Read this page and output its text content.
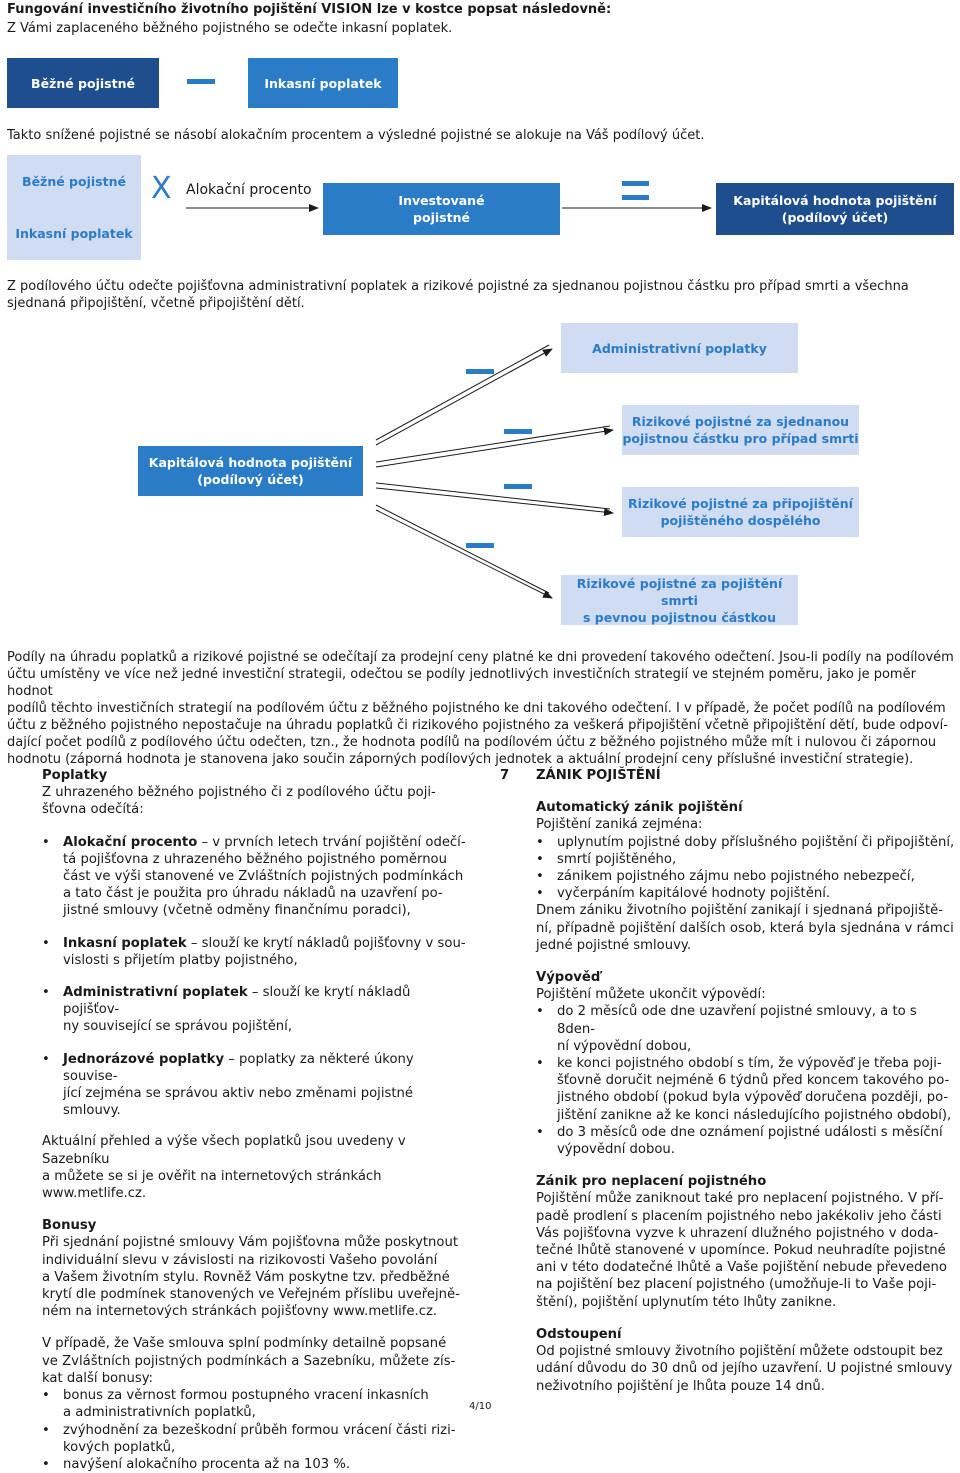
Fungování investičního životního pojištění VISION lze v kostce popsat následovně:
Z Vámi zaplaceného běžného pojistného se odečte inkasní poplatek.
Běžné pojistné	Inkasní poplatek
Takto snížené pojistné se násobí alokačním procentem a výsledné pojistné se alokuje na Váš podílový účet.
Běžné pojistné
Inkasní poplatek
X Alokační procento
Investované
pojistné
Kapitálová hodnota pojištění
(podílový účet)
Z podílového účtu odečte pojišťovna administrativní poplatek a rizikové pojistné za sjednanou pojistnou částku pro případ smrti a všechna sjednaná připojištění, včetně připojištění dětí.
Administrativní poplatky
Rizikové pojistné za sjednanou
pojistnou částku pro případ smrti
Rizikové pojistné za připojištění
pojištěného dospělého
Rizikové pojistné za pojištění smrti
s pevnou pojistnou částkou
Kapitálová hodnota pojištění
(podílový účet)
Podíly na úhradu poplatků a rizikové pojistné se odečítají za prodejní ceny platné ke dni provedení takového odečtení. Jsou-li podíly na podílovém
účtu umístěny ve více než jedné investiční strategii, odečtou se podíly jednotlivých investičních strategií ve stejném poměru, jako je poměr hodnot
podílů těchto investičních strategií na podílovém účtu z běžného pojistného ke dni takového odečtení. I v případě, že počet podílů na podílovém
účtu z běžného pojistného nepostačuje na úhradu poplatků či rizikového pojistného za veškerá připojištění včetně připojištění dětí, bude odpoví-
dající počet podílů z podílového účtu odečten, tzn., že hodnota podílů na podílovém účtu z běžného pojistného může mít i nulovou či zápornou
hodnotu (záporná hodnota je stanovena jako součin záporných podílových jednotek a aktuální prodejní ceny příslušné investiční strategie).
Poplatky
Z uhrazeného běžného pojistného či z podílového účtu poji-
šťovna odečítá:
• Alokační procento – v prvních letech trvání pojištění odečí-
tá pojišťovna z uhrazeného běžného pojistného poměrnou
část ve výši stanovené ve Zvláštních pojistných podmínkách
a tato část je použita pro úhradu nákladů na uzavření po-
jistné smlouvy (včetně odměny finančnímu poradci),
• Inkasní poplatek – slouží ke krytí nákladů pojišťovny v sou-
vislosti s přijetím platby pojistného,
• Administrativní poplatek – slouží ke krytí nákladů pojišťov-
ny související se správou pojištění,
• Jednorázové poplatky – poplatky za některé úkony souvise-
jící zejména se správou aktiv nebo změnami pojistné smlouvy.
Aktuální přehled a výše všech poplatků jsou uvedeny v Sazebníku
a můžete se si je ověřit na internetových stránkách www.metlife.cz.
Bonusy
Při sjednání pojistné smlouvy Vám pojišťovna může poskytnout
individuální slevu v závislosti na rizikovosti Vašeho povolání
a Vašem životním stylu. Rovněž Vám poskytne tzv. předběžné
krytí dle podmínek stanovených ve Veřejném příslibu uveřejně-
ném na internetových stránkách pojišťovny www.metlife.cz.
V případě, že Vaše smlouva splní podmínky detailně popsané
ve Zvláštních pojistných podmínkách a Sazebníku, můžete zís-
kat další bonusy:
• bonus za věrnost formou postupného vracení inkasních
a administrativních poplatků,
• zvýhodnění za bezeškodní průběh formou vrácení části rizi-
kových poplatků,
• navýšení alokačního procenta až na 103 %.
7 ZÁNIK POJIŠTĚNÍ
Automatický zánik pojištění
Pojištění zaniká zejména:
• uplynutím pojistné doby příslušného pojištění či připojištění,
• smrtí pojištěného,
• zánikem pojistného zájmu nebo pojistného nebezpečí,
• vyčerpáním kapitálové hodnoty pojištění.
Dnem zániku životního pojištění zanikají i sjednaná připojiště-
ní, případně pojištění dalších osob, která byla sjednána v rámci
jedné pojistné smlouvy.
Výpověď
Pojištění můžete ukončit výpovědí:
• do 2 měsíců ode dne uzavření pojistné smlouvy, a to s 8den-
ní výpovědní dobou,
• ke konci pojistného období s tím, že výpověď je třeba poji-
šťovně doručit nejméně 6 týdnů před koncem takového po-
jistného období (pokud byla výpověď doručena později, po-
jištění zanikne až ke konci následujícího pojistného období),
• do 3 měsíců ode dne oznámení pojistné události s měsíční
výpovědní dobou.
Zánik pro neplacení pojistného
Pojištění může zaniknout také pro neplacení pojistného. V pří-
padě prodlení s placením pojistného nebo jakékoliv jeho části
Vás pojišťovna vyzve k uhrazení dlužného pojistného v doda-
tečné lhůtě stanovené v upomínce. Pokud neuhradíte pojistné
ani v této dodatečné lhůtě a Vaše pojištění nebude převedeno
na pojištění bez placení pojistného (umožňuje-li to Vaše poji-
štění), pojištění uplynutím této lhůty zanikne.
Odstoupení
Od pojistné smlouvy životního pojištění můžete odstoupit bez
udání důvodu do 30 dnů od jejího uzavření. U pojistné smlouvy
neživotního pojištění je lhůta pouze 14 dnů.
4/10
